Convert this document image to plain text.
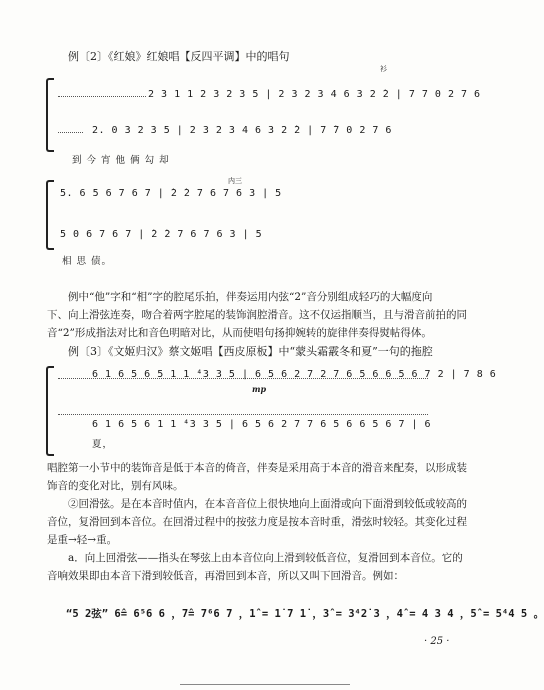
例〔2〕《红娘》红娘唱【反四平调】中的唱句
衫
2 3 1 1 2 3 2 3 5 | 2 3 2 3 4 6 3 2 ̇2 | 7 7 0 2 7 6
2. 0 3 2 3 5 | 2 3 2 3 4 6 3 2 ̇2 | 7 ̇7 0 2 7 6
到 今 宵 他 俩 勾 却
内三
5. 6 5 6 7 6 7 | ̇2 ̇2 7 6 7 6 3 | 5
5 0 6 7 6 7 | ̇2 ̇2 7 6 7 6 3 | 5
相 思 债。
例中“他”字和“相”字的腔尾乐拍，伴奏运用内弦“2̇”音分别组成轻巧的大幅度向
下、向上滑弦连奏，吻合着两字腔尾的装饰润腔滑音。这不仅运指顺当，且与滑音前拍的同
音“2̇”形成指法对比和音色明暗对比，从而使唱句扬抑婉转的旋律伴奏得熨帖得体。
例〔3〕《文姬归汉》蔡文姬唱【西皮原板】中“蒙头霜霰冬和夏”一句的拖腔
6 1 6 5 6 5 1 1 ⁴3 3 5 | 6 5 6 2 7 2 7 6 5 6 6 5 6 7 2 | 7 8 6
mp
6 1 6 5 6 1 1 ⁴3 3 5 | 6 5 6 2 7 7 6 5 6 6 5 6 7 | 6
夏，
唱腔第一小节中的装饰音是低于本音的倚音，伴奏是采用高于本音的滑音来配奏，以形成装
饰音的变化对比，别有风味。
②回滑弦。是在本音时值内，在本音音位上很快地向上面滑或向下面滑到较低或较高的
音位，复滑回到本音位。在回滑过程中的按弦力度是按本音时重，滑弦时较轻。其变化过程
是重→轻→重。
a．向上回滑弦——指头在琴弦上由本音位向上滑到较低音位，复滑回到本音位。它的
音响效果即由本音下滑到较低音，再滑回到本音，所以又叫下回滑音。例如：
“5 2̇弦” 6̂= 6⁵6 6 ，7̂= 7⁶6 7 ，1̂ = 1̇ 7 1̇ ，3̂ = 3⁴2̇ 3 ，4̂ = 4 3 4 ，5̂ = 5⁴4 5 。
· 25 ·
